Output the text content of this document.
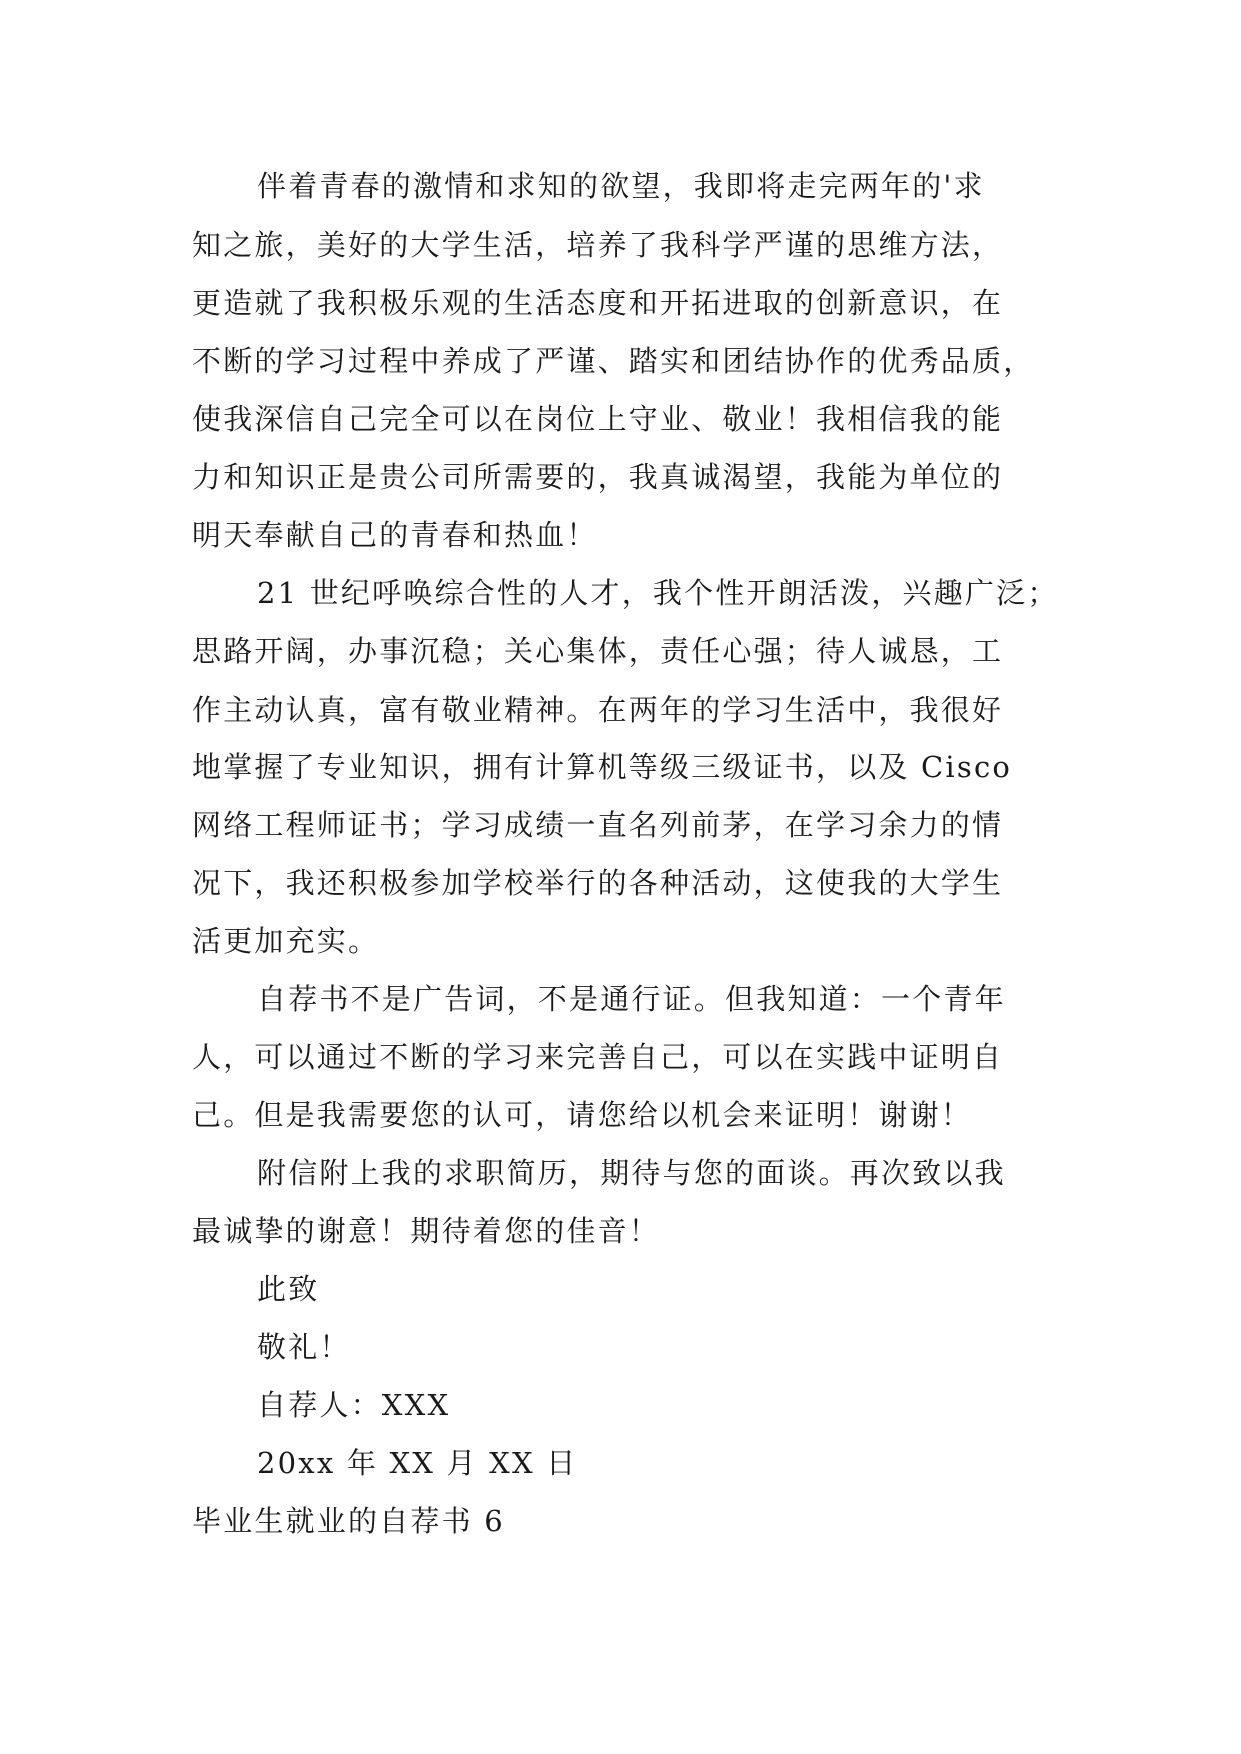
伴着青春的激情和求知的欲望，我即将走完两年的'求
知之旅，美好的大学生活，培养了我科学严谨的思维方法，
更造就了我积极乐观的生活态度和开拓进取的创新意识，在
不断的学习过程中养成了严谨、踏实和团结协作的优秀品质，
使我深信自己完全可以在岗位上守业、敬业！我相信我的能
力和知识正是贵公司所需要的，我真诚渴望，我能为单位的
明天奉献自己的青春和热血！
21 世纪呼唤综合性的人才，我个性开朗活泼，兴趣广泛；
思路开阔，办事沉稳；关心集体，责任心强；待人诚恳，工
作主动认真，富有敬业精神。在两年的学习生活中，我很好
地掌握了专业知识，拥有计算机等级三级证书，以及 Cisco
网络工程师证书；学习成绩一直名列前茅，在学习余力的情
况下，我还积极参加学校举行的各种活动，这使我的大学生
活更加充实。
自荐书不是广告词，不是通行证。但我知道：一个青年
人，可以通过不断的学习来完善自己，可以在实践中证明自
己。但是我需要您的认可，请您给以机会来证明！谢谢！
附信附上我的求职简历，期待与您的面谈。再次致以我
最诚挚的谢意！期待着您的佳音！
此致
敬礼！
自荐人：XXX
20xx 年 XX 月 XX 日
毕业生就业的自荐书 6
